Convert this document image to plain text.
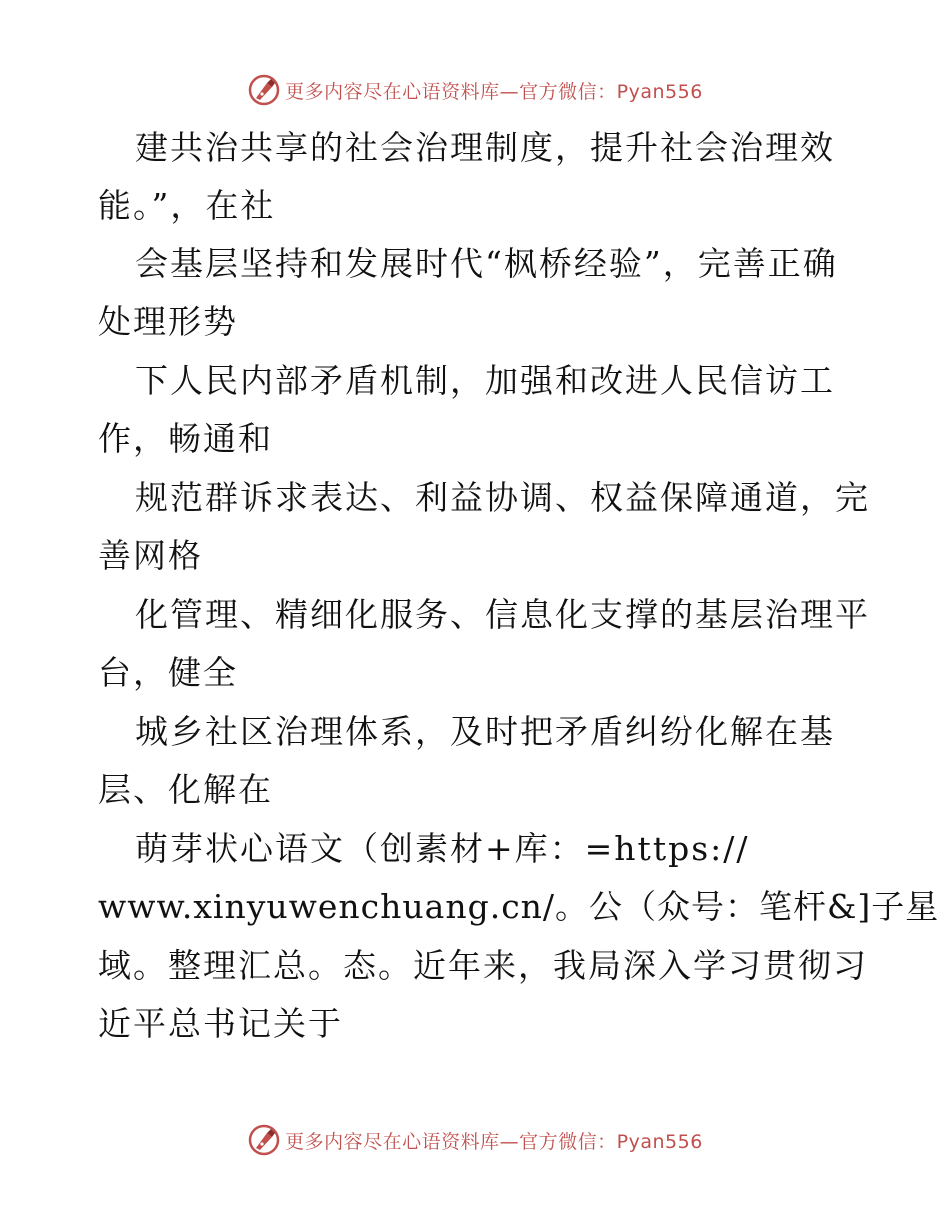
更多内容尽在心语资料库—官方微信：Pyan556
建共治共享的社会治理制度，提升社会治理效
能。”，在社
会基层坚持和发展时代“枫桥经验”，完善正确
处理形势
下人民内部矛盾机制，加强和改进人民信访工
作，畅通和
规范群诉求表达、利益协调、权益保障通道，完
善网格
化管理、精细化服务、信息化支撑的基层治理平
台，健全
城乡社区治理体系，及时把矛盾纠纷化解在基
层、化解在
萌芽状心语文（创素材+库：=https://
www.xinyuwenchuang.cn/。公（众号：笔杆&]子星
域。整理汇总。态。近年来，我局深入学习贯彻习
近平总书记关于
更多内容尽在心语资料库—官方微信：Pyan556
